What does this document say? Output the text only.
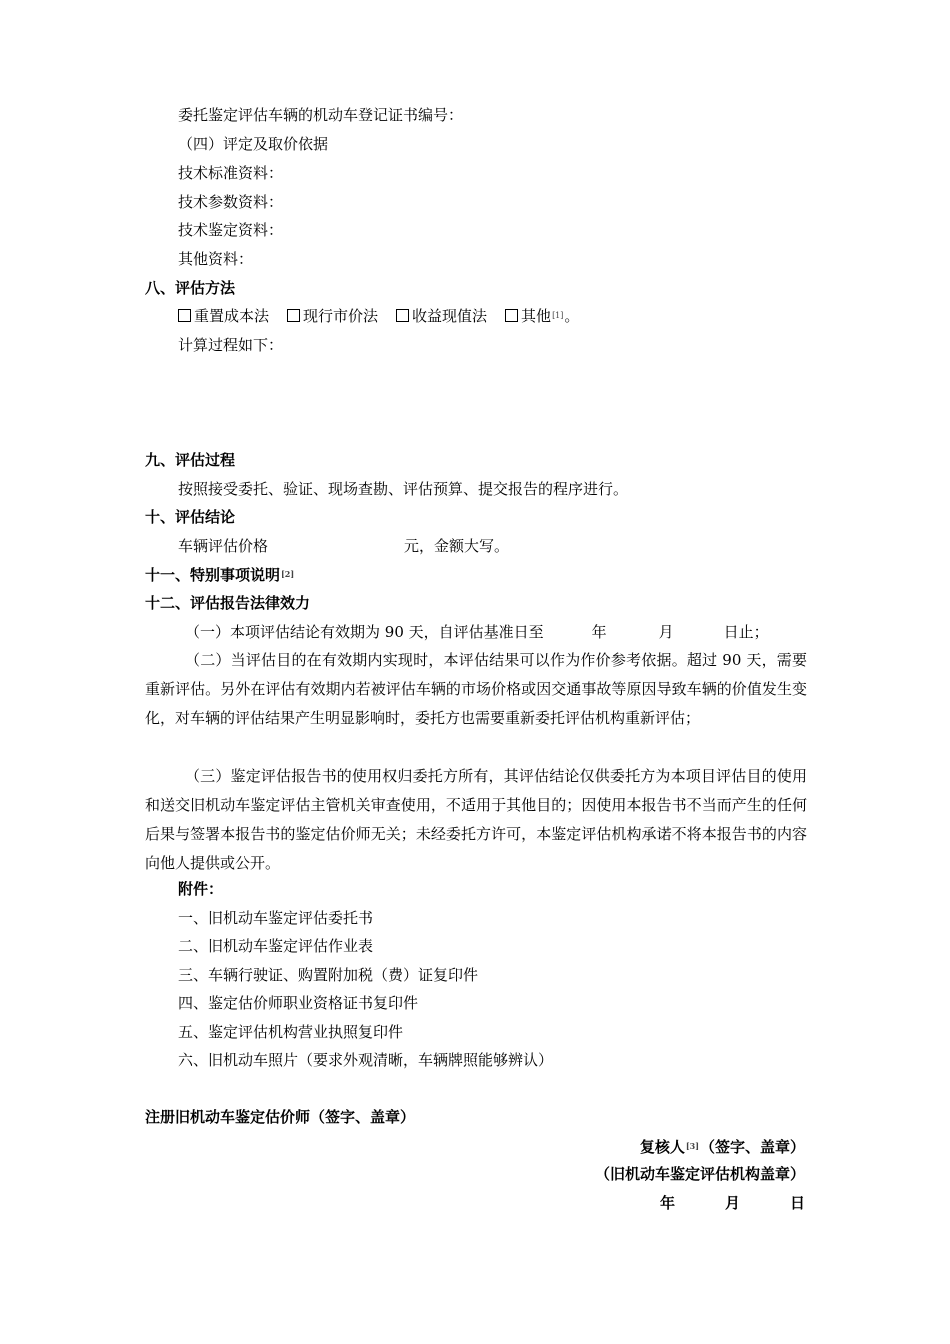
委托鉴定评估车辆的机动车登记证书编号：
（四）评定及取价依据
技术标准资料：
技术参数资料：
技术鉴定资料：
其他资料：
八、评估方法
重置成本法 现行市价法 收益现值法 其他[1]。
计算过程如下：
九、评估过程
按照接受委托、验证、现场查勘、评估预算、提交报告的程序进行。
十、评估结论
车辆评估价格	元，金额大写。
十一、特别事项说明[2]
十二、评估报告法律效力
（一）本项评估结论有效期为 90 天，自评估基准日至	年	月	日止；

（二）当评估目的在有效期内实现时，本评估结果可以作为作价参考依据。超过 90 天，需要重新评估。另外在评估有效期内若被评估车辆的市场价格或因交通事故等原因导致车辆的价值发生变化，对车辆的评估结果产生明显影响时，委托方也需要重新委托评估机构重新评估；

（三）鉴定评估报告书的使用权归委托方所有，其评估结论仅供委托方为本项目评估目的使用和送交旧机动车鉴定评估主管机关审查使用，不适用于其他目的；因使用本报告书不当而产生的任何后果与签署本报告书的鉴定估价师无关；未经委托方许可，本鉴定评估机构承诺不将本报告书的内容向他人提供或公开。

附件：
一、旧机动车鉴定评估委托书
二、旧机动车鉴定评估作业表
三、车辆行驶证、购置附加税（费）证复印件
四、鉴定估价师职业资格证书复印件
五、鉴定评估机构营业执照复印件
六、旧机动车照片（要求外观清晰，车辆牌照能够辨认）
注册旧机动车鉴定估价师（签字、盖章）
复核人[3]（签字、盖章）
（旧机动车鉴定评估机构盖章）
年	月	日
